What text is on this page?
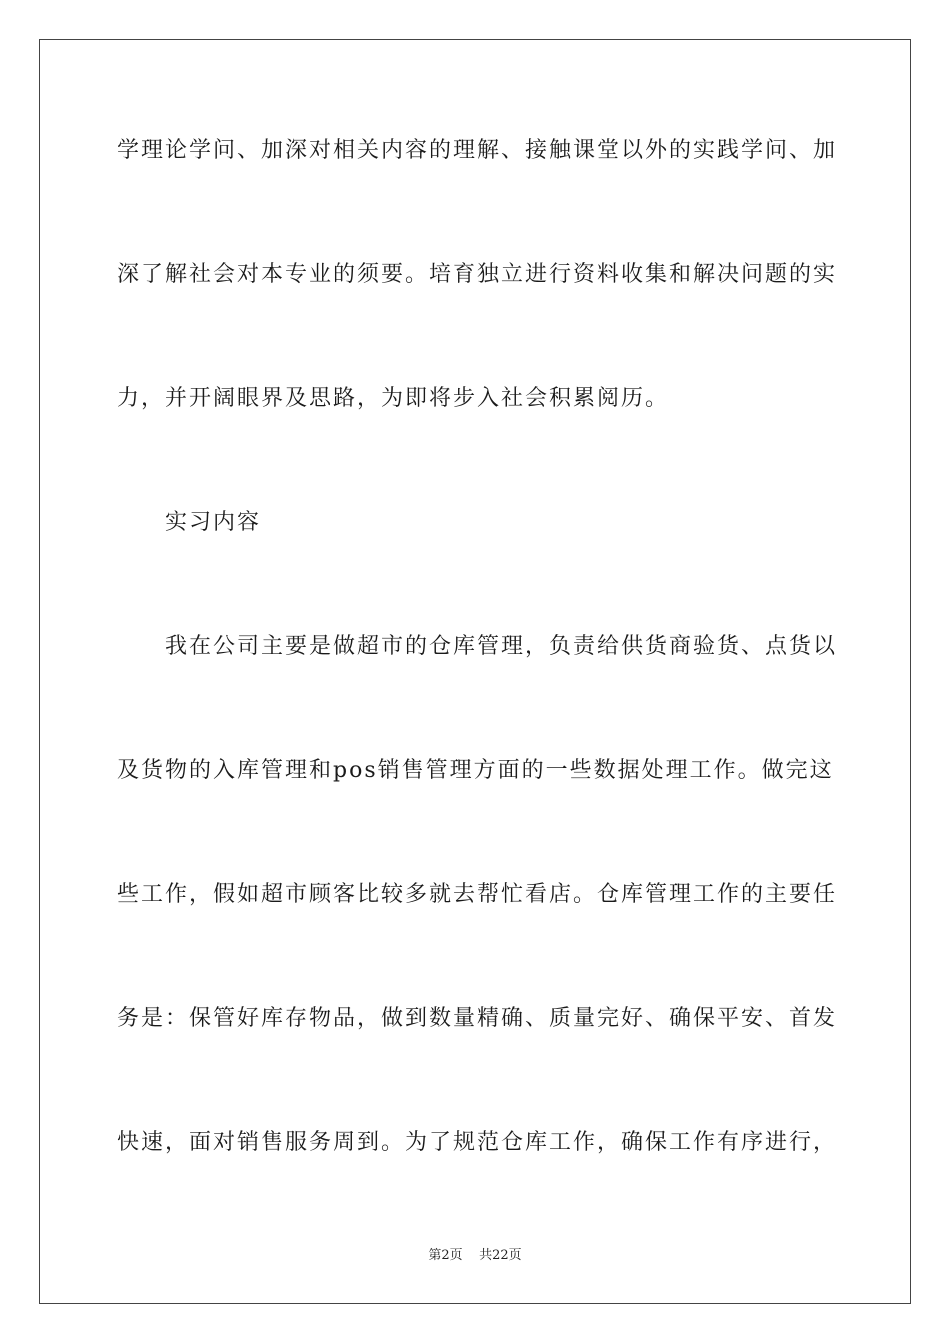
学理论学问、加深对相关内容的理解、接触课堂以外的实践学问、加
深了解社会对本专业的须要。培育独立进行资料收集和解决问题的实
力，并开阔眼界及思路，为即将步入社会积累阅历。
实习内容
我在公司主要是做超市的仓库管理，负责给供货商验货、点货以
及货物的入库管理和pos销售管理方面的一些数据处理工作。做完这
些工作，假如超市顾客比较多就去帮忙看店。仓库管理工作的主要任
务是：保管好库存物品，做到数量精确、质量完好、确保平安、首发
快速，面对销售服务周到。为了规范仓库工作，确保工作有序进行，
第2页    共22页
